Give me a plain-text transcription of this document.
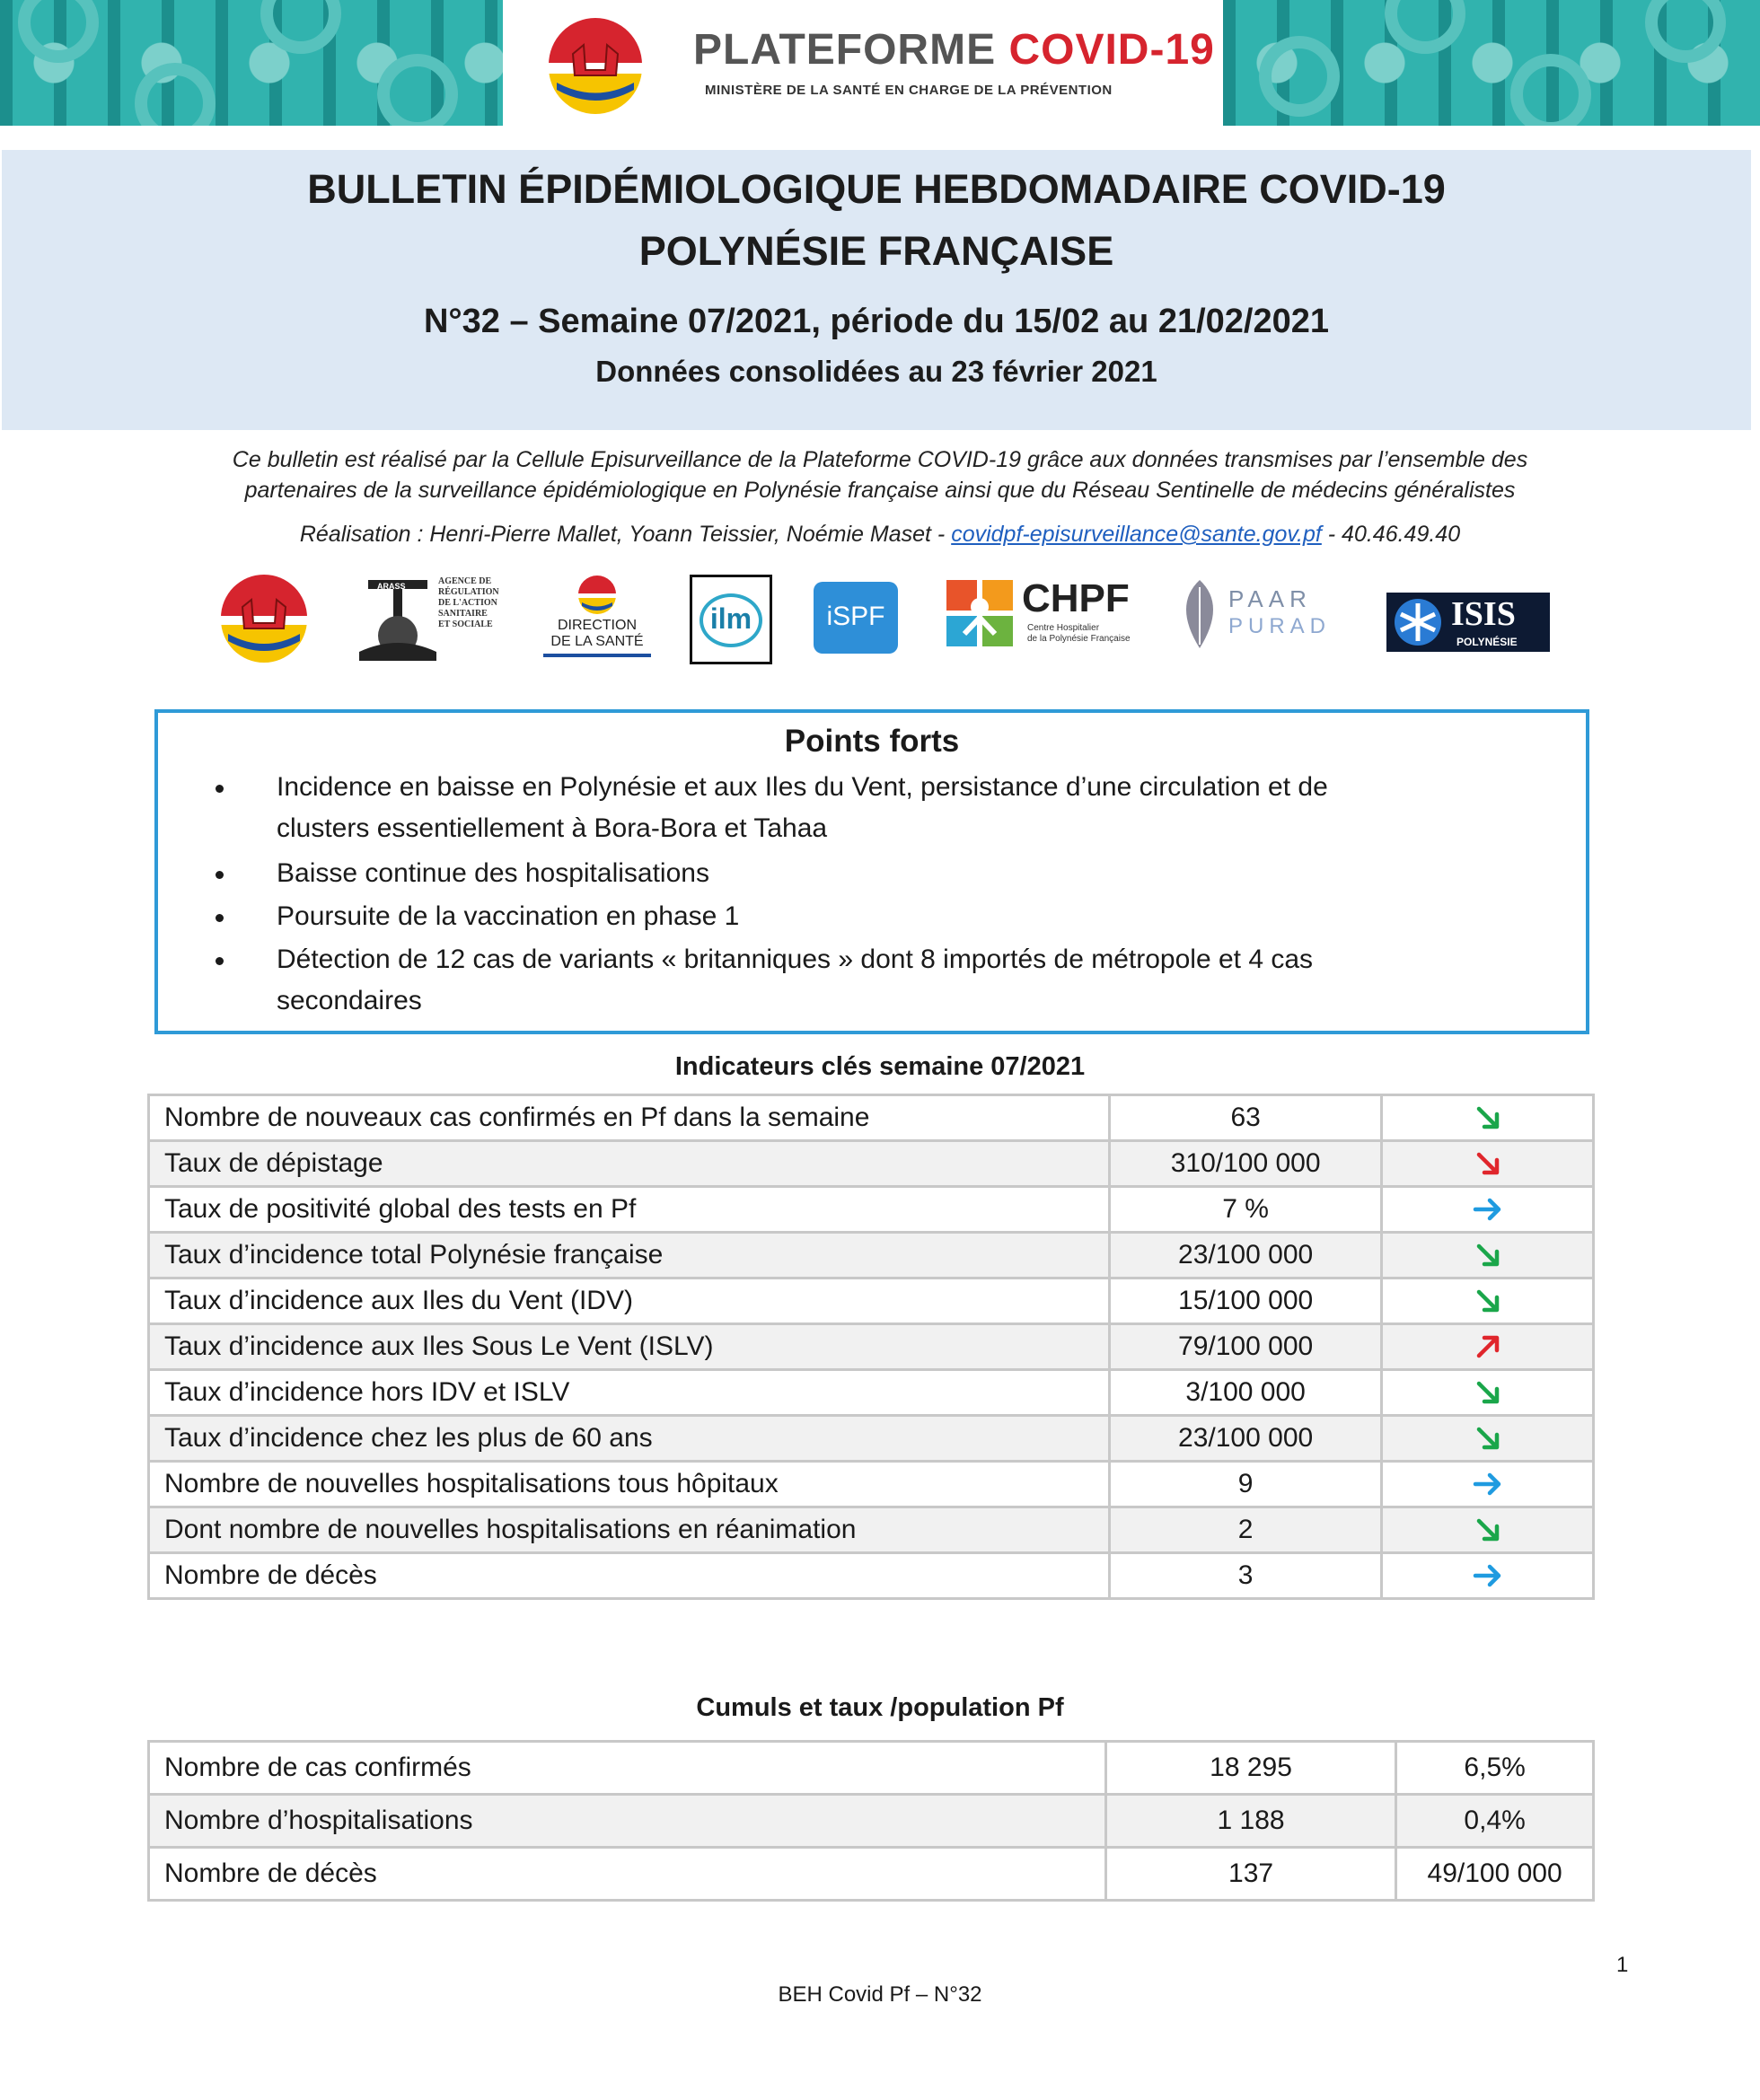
PLATEFORME COVID-19
MINISTÈRE DE LA SANTÉ EN CHARGE DE LA PRÉVENTION
BULLETIN ÉPIDÉMIOLOGIQUE HEBDOMADAIRE COVID-19
POLYNÉSIE FRANÇAISE
N°32 – Semaine 07/2021, période du 15/02 au 21/02/2021
Données consolidées au 23 février 2021
Ce bulletin est réalisé par la Cellule Episurveillance de la Plateforme COVID-19 grâce aux données transmises par l’ensemble des
partenaires de la surveillance épidémiologique en Polynésie française ainsi que du Réseau Sentinelle de médecins généralistes
Réalisation : Henri-Pierre Mallet, Yoann Teissier, Noémie Maset - covidpf-episurveillance@sante.gov.pf - 40.46.49.40
AGENCE DE
RÉGULATION
DE L'ACTION
SANITAIRE
ET SOCIALE
ARASS
DIRECTION
DE LA SANTÉ
ilm	iSPF	CHPF
Centre Hospitalier
de la Polynésie Française
PAAR
PURAD	ISIS
POLYNÉSIE
Points forts
Incidence en baisse en Polynésie et aux Iles du Vent, persistance d’une circulation et de
clusters essentiellement à Bora-Bora et Tahaa
Baisse continue des hospitalisations
Poursuite de la vaccination en phase 1
Détection de 12 cas de variants « britanniques » dont 8 importés de métropole et 4 cas
secondaires
Indicateurs clés semaine 07/2021
Nombre de nouveaux cas confirmés en Pf dans la semaine	63	
Taux de dépistage	310/100 000	
Taux de positivité global des tests en Pf	7 %	
Taux d’incidence total Polynésie française	23/100 000	
Taux d’incidence aux Iles du Vent (IDV)	15/100 000	
Taux d’incidence aux Iles Sous Le Vent (ISLV)	79/100 000	
Taux d’incidence hors IDV et ISLV	3/100 000	
Taux d’incidence chez les plus de 60 ans	23/100 000	
Nombre de nouvelles hospitalisations tous hôpitaux	9	
Dont nombre de nouvelles hospitalisations en réanimation	2	
Nombre de décès	3	
Cumuls et taux /population Pf
Nombre de cas confirmés	18 295	6,5%
Nombre d’hospitalisations	1 188	0,4%
Nombre de décès	137	49/100 000
1
BEH Covid Pf – N°32
